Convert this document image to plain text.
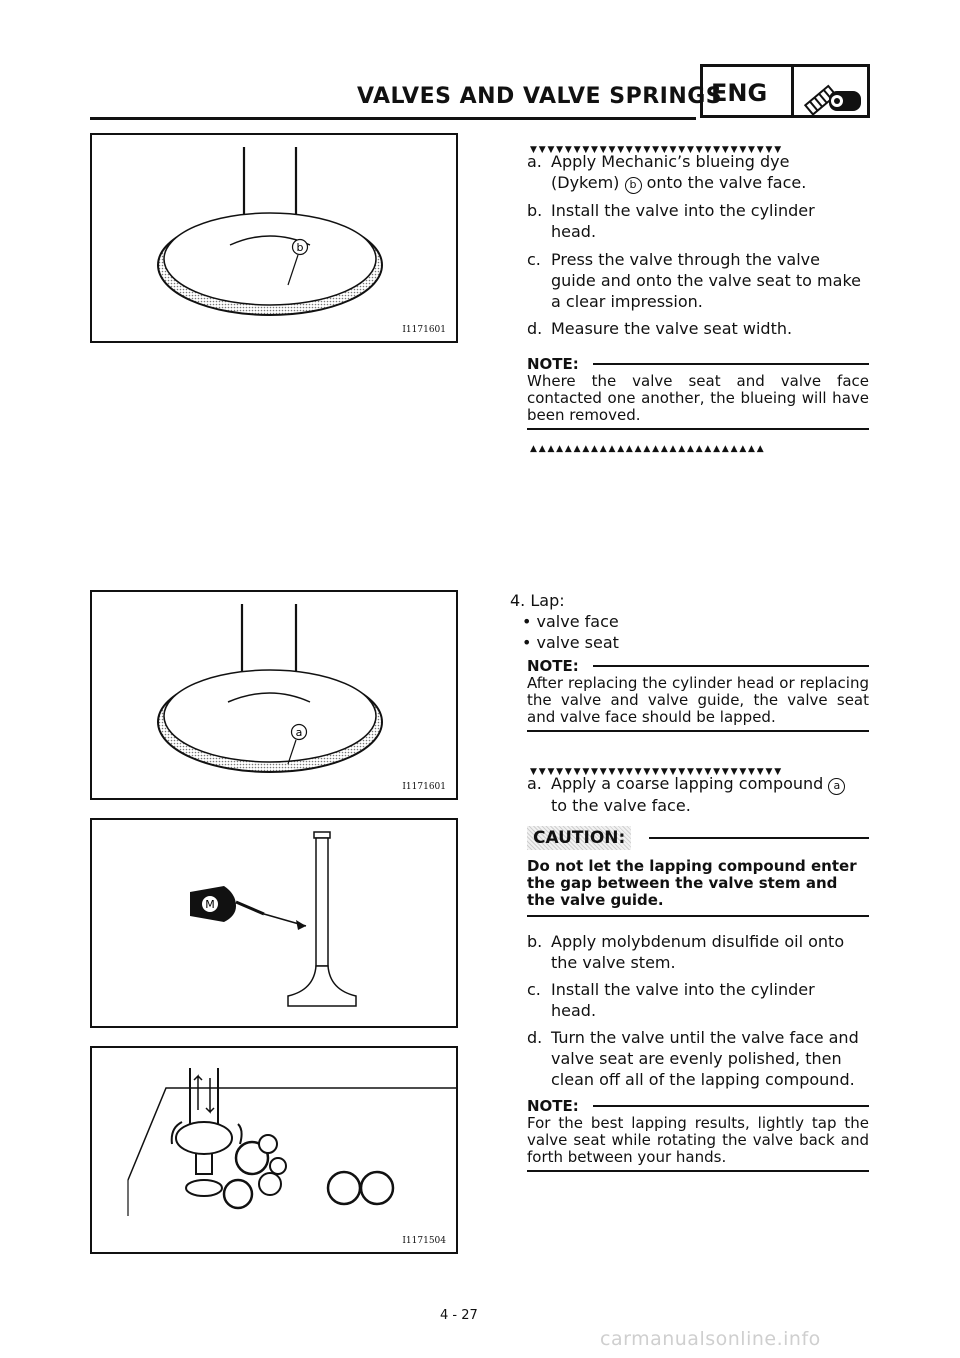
VALVES AND VALVE SPRINGS
ENG
b
I1171601
▼▼▼▼▼▼▼▼▼▼▼▼▼▼▼▼▼▼▼▼▼▼▼▼▼▼▼▼▼
a. Apply Mechanic’s blueing dye
(Dykem) b onto the valve face.
b. Install the valve into the cylinder
head.
c. Press the valve through the valve
guide and onto the valve seat to make
a clear impression.
d. Measure the valve seat width.
NOTE:
Where the valve seat and valve face contacted one another, the blueing will have been removed.
▲▲▲▲▲▲▲▲▲▲▲▲▲▲▲▲▲▲▲▲▲▲▲▲▲▲▲
a
I1171601
M
I1171504
4. Lap:
• valve face
• valve seat
NOTE:
After replacing the cylinder head or replacing the valve and valve guide, the valve seat and valve face should be lapped.
▼▼▼▼▼▼▼▼▼▼▼▼▼▼▼▼▼▼▼▼▼▼▼▼▼▼▼▼▼
a. Apply a coarse lapping compound a
to the valve face.
CAUTION:
Do not let the lapping compound enter the gap between the valve stem and the valve guide.
b. Apply molybdenum disulfide oil onto
the valve stem.
c. Install the valve into the cylinder
head.
d. Turn the valve until the valve face and
valve seat are evenly polished, then
clean off all of the lapping compound.
NOTE:
For the best lapping results, lightly tap the valve seat while rotating the valve back and forth between your hands.
4 - 27
carmanualsonline.info
